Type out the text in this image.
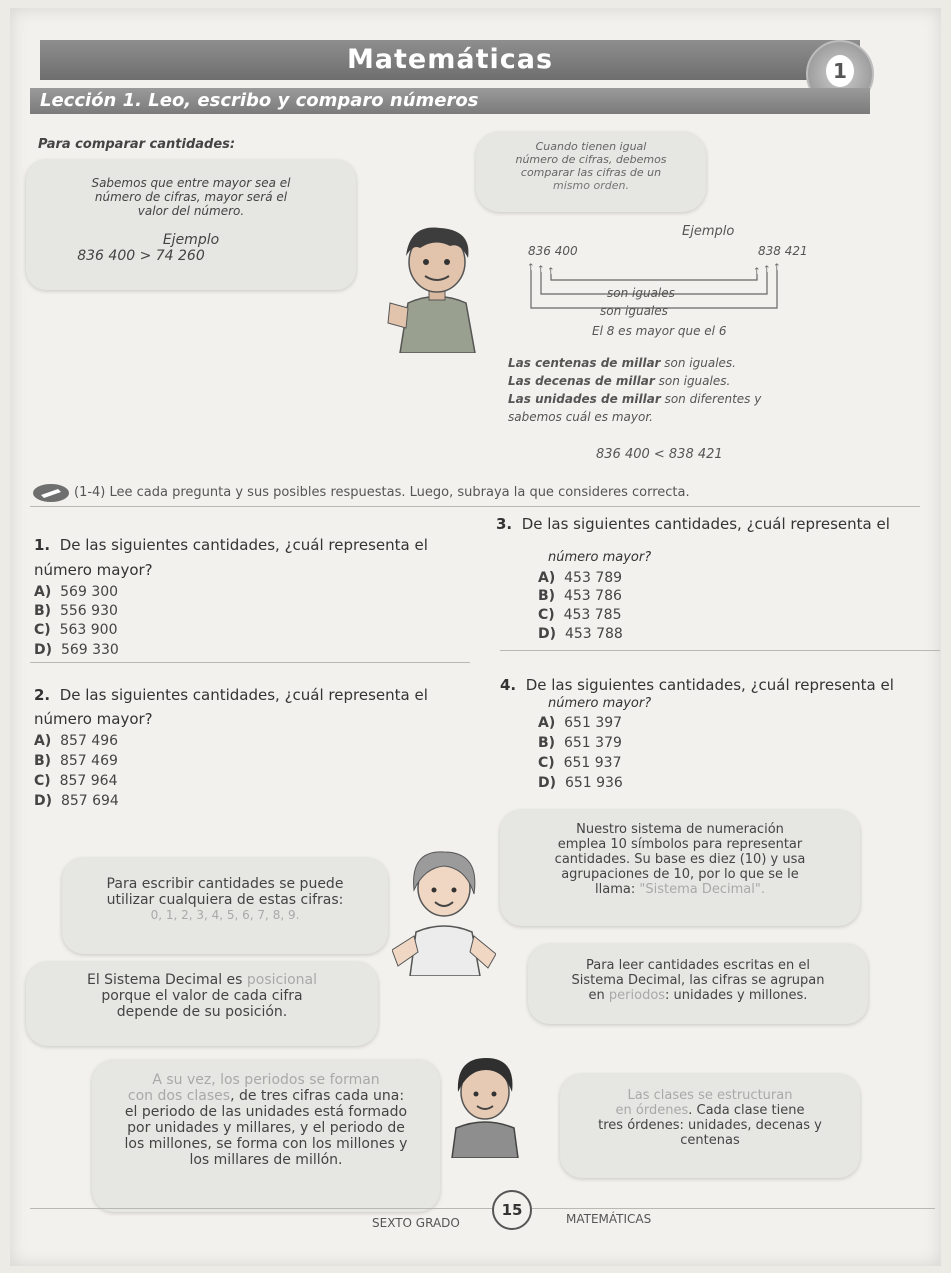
Matemáticas	1
Lección 1. Leo, escribo y comparo números
Para comparar cantidades:
Sabemos que entre mayor sea el
número de cifras, mayor será el
valor del número.
Ejemplo
836 400 > 74 260
Cuando tienen igual
número de cifras, debemos
comparar las cifras de un
mismo orden.
Ejemplo
836 400	838 421
↑ ↑ ↑	↑ ↑ ↑
son iguales
son iguales
El 8 es mayor que el 6
Las centenas de millar son iguales.
Las decenas de millar son iguales.
Las unidades de millar son diferentes y
sabemos cuál es mayor.
836 400 < 838 421
(1-4) Lee cada pregunta y sus posibles respuestas. Luego, subraya la que consideres correcta.
1. De las siguientes cantidades, ¿cuál representa el
número mayor?
A) 569 300
B) 556 930
C) 563 900
D) 569 330
3. De las siguientes cantidades, ¿cuál representa el
número mayor?
A) 453 789
B) 453 786
C) 453 785
D) 453 788
2. De las siguientes cantidades, ¿cuál representa el
número mayor?
A) 857 496
B) 857 469
C) 857 964
D) 857 694
4. De las siguientes cantidades, ¿cuál representa el
número mayor?
A) 651 397
B) 651 379
C) 651 937
D) 651 936
Para escribir cantidades se puede
utilizar cualquiera de estas cifras:
0, 1, 2, 3, 4, 5, 6, 7, 8, 9.
Nuestro sistema de numeración
emplea 10 símbolos para representar
cantidades. Su base es diez (10) y usa
agrupaciones de 10, por lo que se le
llama: "Sistema Decimal".
El Sistema Decimal es posicional
porque el valor de cada cifra
depende de su posición.
Para leer cantidades escritas en el
Sistema Decimal, las cifras se agrupan
en periodos: unidades y millones.
A su vez, los periodos se forman
con dos clases, de tres cifras cada una:
el periodo de las unidades está formado
por unidades y millares, y el periodo de
los millones, se forma con los millones y
los millares de millón.
Las clases se estructuran
en órdenes. Cada clase tiene
tres órdenes: unidades, decenas y
centenas
15
SEXTO GRADO	MATEMÁTICAS
